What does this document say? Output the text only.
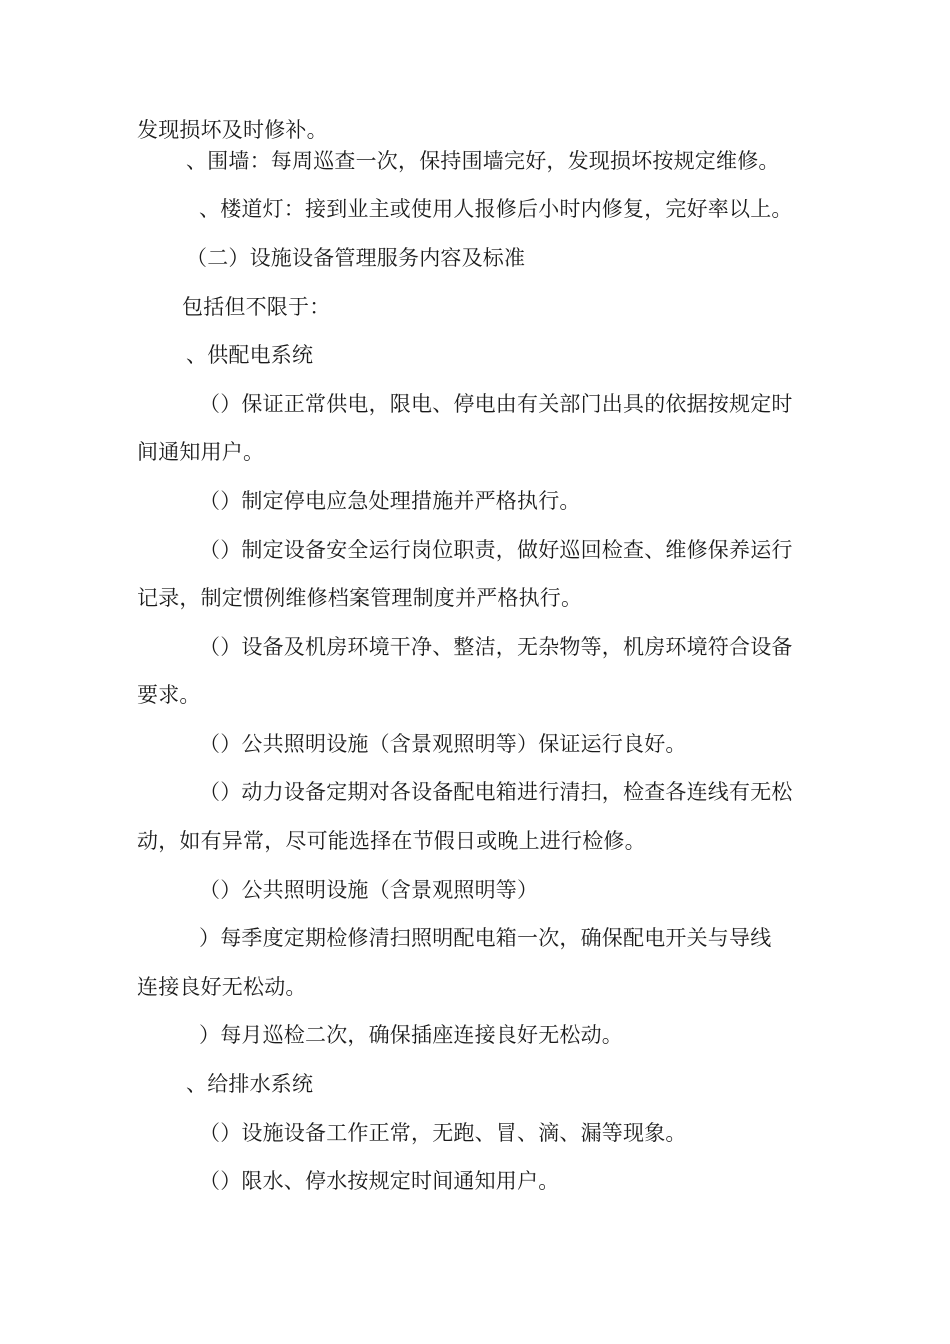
发现损坏及时修补。
、围墙：每周巡查一次，保持围墙完好，发现损坏按规定维修。
、楼道灯：接到业主或使用人报修后小时内修复，完好率以上。
（二）设施设备管理服务内容及标准
包括但不限于：
、供配电系统
（）保证正常供电，限电、停电由有关部门出具的依据按规定时
间通知用户。
（）制定停电应急处理措施并严格执行。
（）制定设备安全运行岗位职责，做好巡回检查、维修保养运行
记录，制定惯例维修档案管理制度并严格执行。
（）设备及机房环境干净、整洁，无杂物等，机房环境符合设备
要求。
（）公共照明设施（含景观照明等）保证运行良好。
（）动力设备定期对各设备配电箱进行清扫，检查各连线有无松
动，如有异常，尽可能选择在节假日或晚上进行检修。
（）公共照明设施（含景观照明等）
）每季度定期检修清扫照明配电箱一次，确保配电开关与导线
连接良好无松动。
）每月巡检二次，确保插座连接良好无松动。
、给排水系统
（）设施设备工作正常，无跑、冒、滴、漏等现象。
（）限水、停水按规定时间通知用户。
